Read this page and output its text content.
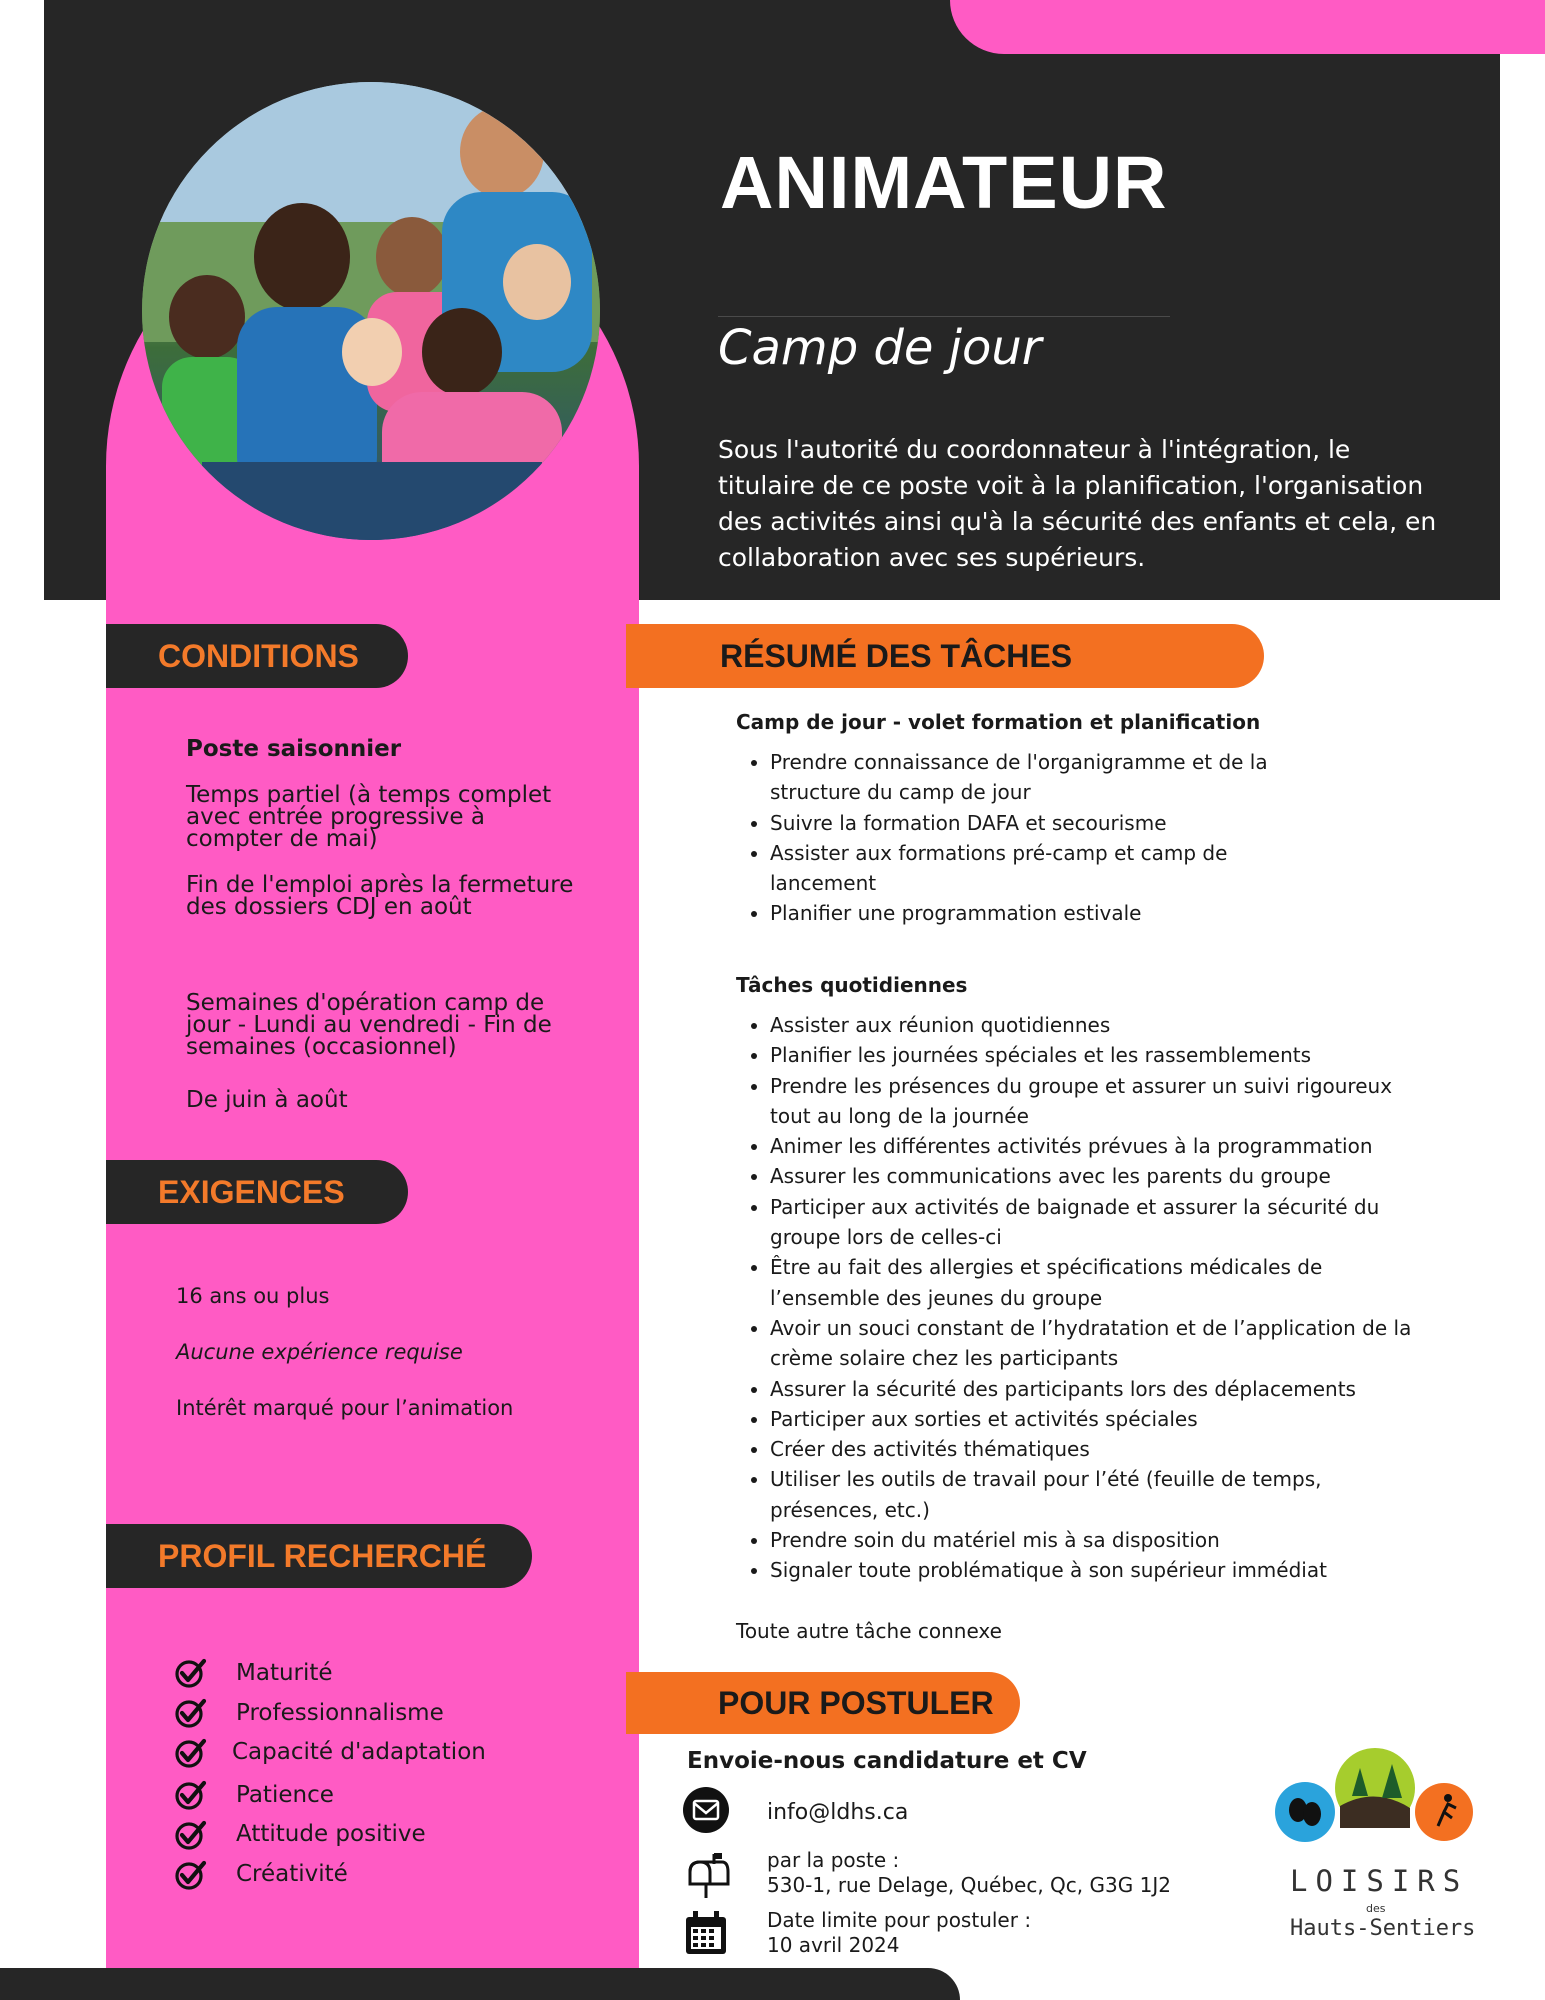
ANIMATEUR
Camp de jour
Sous l'autorité du coordonnateur à l'intégration, le titulaire de ce poste voit à la planification, l'organisation des activités ainsi qu'à la sécurité des enfants et cela, en collaboration avec ses supérieurs.
CONDITIONS
Poste saisonnier
Temps partiel (à temps complet avec entrée progressive à compter de mai)
Fin de l'emploi après la fermeture des dossiers CDJ en août
Semaines d'opération camp de jour - Lundi au vendredi - Fin de semaines (occasionnel)
De juin à août
EXIGENCES
16 ans ou plus
Aucune expérience requise
Intérêt marqué pour l’animation
PROFIL RECHERCHÉ
Maturité
Professionnalisme
Capacité d'adaptation
Patience
Attitude positive
Créativité
RÉSUMÉ DES TÂCHES
Camp de jour - volet formation et planification
• Prendre connaissance de l'organigramme et de la structure du camp de jour
• Suivre la formation DAFA et secourisme
• Assister aux formations pré-camp et camp de lancement
• Planifier une programmation estivale
Tâches quotidiennes
• Assister aux réunion quotidiennes
• Planifier les journées spéciales et les rassemblements
• Prendre les présences du groupe et assurer un suivi rigoureux tout au long de la journée
• Animer les différentes activités prévues à la programmation
• Assurer les communications avec les parents du groupe
• Participer aux activités de baignade et assurer la sécurité du groupe lors de celles-ci
• Être au fait des allergies et spécifications médicales de l’ensemble des jeunes du groupe
• Avoir un souci constant de l’hydratation et de l’application de la crème solaire chez les participants
• Assurer la sécurité des participants lors des déplacements
• Participer aux sorties et activités spéciales
• Créer des activités thématiques
• Utiliser les outils de travail pour l’été (feuille de temps, présences, etc.)
• Prendre soin du matériel mis à sa disposition
• Signaler toute problématique à son supérieur immédiat
Toute autre tâche connexe
POUR POSTULER
Envoie-nous candidature et CV
info@ldhs.ca
par la poste :
530-1, rue Delage, Québec, Qc, G3G 1J2
Date limite pour postuler :
10 avril 2024
LOISIRS
des
Hauts-Sentiers
